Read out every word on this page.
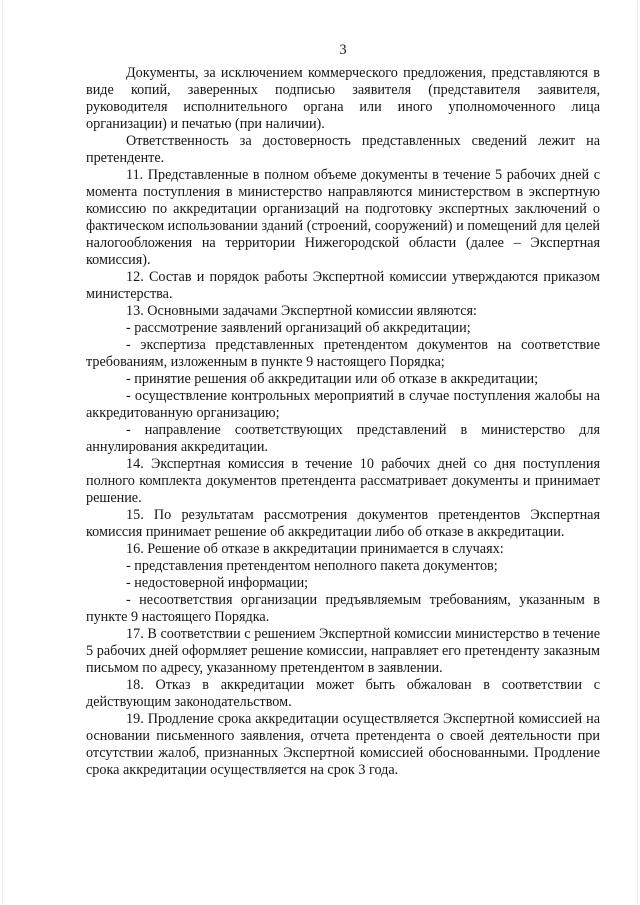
3

Документы, за исключением коммерческого предложения, представляются в виде копий, заверенных подписью заявителя (представителя заявителя, руководителя исполнительного органа или иного уполномоченного лица организации) и печатью (при наличии).

Ответственность за достоверность представленных сведений лежит на претенденте.

11. Представленные в полном объеме документы в течение 5 рабочих дней с момента поступления в министерство направляются министерством в экспертную комиссию по аккредитации организаций на подготовку экспертных заключений о фактическом использовании зданий (строений, сооружений) и помещений для целей налогообложения на территории Нижегородской области (далее – Экспертная комиссия).

12. Состав и порядок работы Экспертной комиссии утверждаются приказом министерства.

13. Основными задачами Экспертной комиссии являются:

- рассмотрение заявлений организаций об аккредитации;

- экспертиза представленных претендентом документов на соответствие требованиям, изложенным в пункте 9 настоящего Порядка;

- принятие решения об аккредитации или об отказе в аккредитации;

- осуществление контрольных мероприятий в случае поступления жалобы на аккредитованную организацию;

- направление соответствующих представлений в министерство для аннулирования аккредитации.

14. Экспертная комиссия в течение 10 рабочих дней со дня поступления полного комплекта документов претендента рассматривает документы и принимает решение.

15. По результатам рассмотрения документов претендентов Экспертная комиссия принимает решение об аккредитации либо об отказе в аккредитации.

16. Решение об отказе в аккредитации принимается в случаях:

- представления претендентом неполного пакета документов;

- недостоверной информации;

- несоответствия организации предъявляемым требованиям, указанным в пункте 9 настоящего Порядка.

17. В соответствии с решением Экспертной комиссии министерство в течение 5 рабочих дней оформляет решение комиссии, направляет его претенденту заказным письмом по адресу, указанному претендентом в заявлении.

18. Отказ в аккредитации может быть обжалован в соответствии с действующим законодательством.

19. Продление срока аккредитации осуществляется Экспертной комиссией на основании письменного заявления, отчета претендента о своей деятельности при отсутствии жалоб, признанных Экспертной комиссией обоснованными. Продление срока аккредитации осуществляется на срок 3 года.
